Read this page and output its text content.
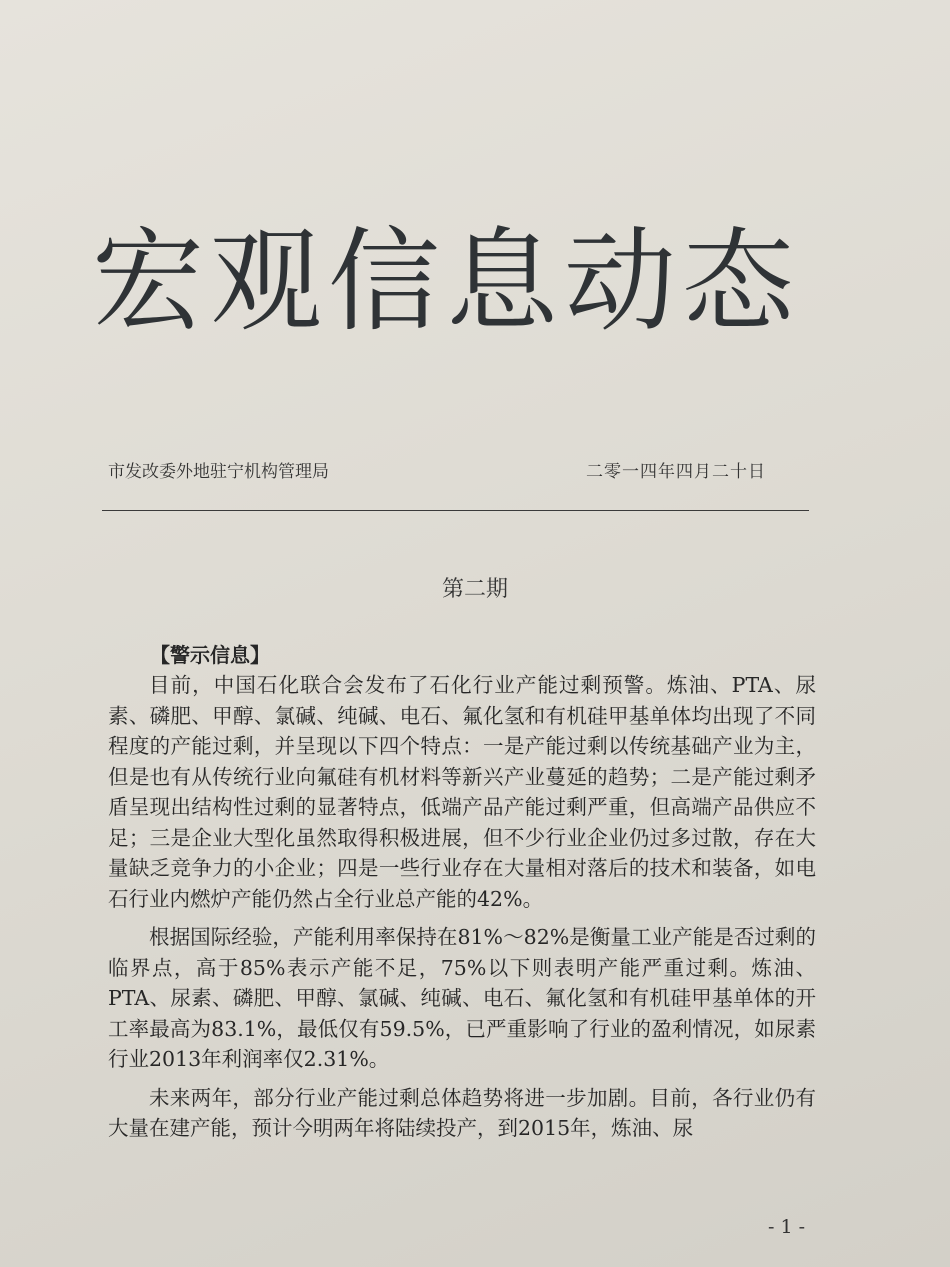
宏观信息动态
市发改委外地驻宁机构管理局	二零一四年四月二十日
第二期

【警示信息】

目前，中国石化联合会发布了石化行业产能过剩预警。炼油、PTA、尿素、磷肥、甲醇、氯碱、纯碱、电石、氟化氢和有机硅甲基单体均出现了不同程度的产能过剩，并呈现以下四个特点：一是产能过剩以传统基础产业为主，但是也有从传统行业向氟硅有机材料等新兴产业蔓延的趋势；二是产能过剩矛盾呈现出结构性过剩的显著特点，低端产品产能过剩严重，但高端产品供应不足；三是企业大型化虽然取得积极进展，但不少行业企业仍过多过散，存在大量缺乏竞争力的小企业；四是一些行业存在大量相对落后的技术和装备，如电石行业内燃炉产能仍然占全行业总产能的42%。

根据国际经验，产能利用率保持在81%～82%是衡量工业产能是否过剩的临界点，高于85%表示产能不足，75%以下则表明产能严重过剩。炼油、PTA、尿素、磷肥、甲醇、氯碱、纯碱、电石、氟化氢和有机硅甲基单体的开工率最高为83.1%，最低仅有59.5%，已严重影响了行业的盈利情况，如尿素行业2013年利润率仅2.31%。

未来两年，部分行业产能过剩总体趋势将进一步加剧。目前，各行业仍有大量在建产能，预计今明两年将陆续投产，到2015年，炼油、尿

- 1 -
